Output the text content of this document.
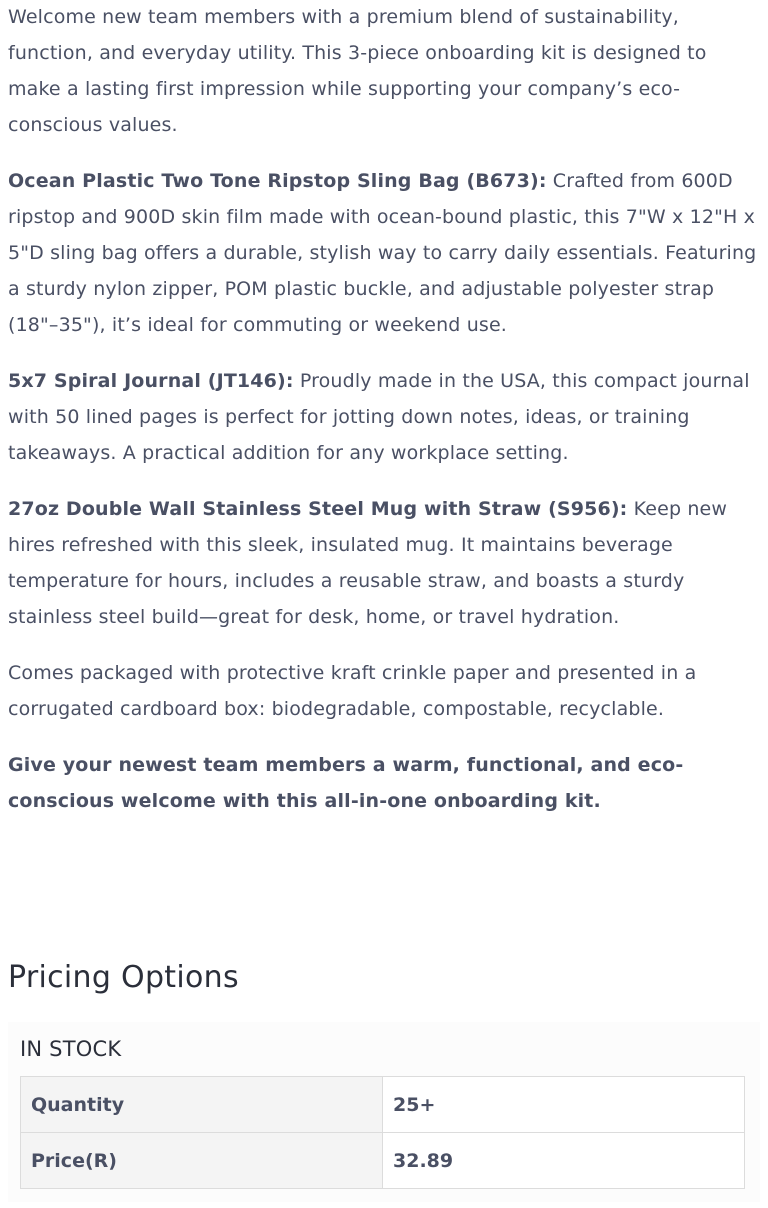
Welcome new team members with a premium blend of sustainability, function, and everyday utility. This 3-piece onboarding kit is designed to make a lasting first impression while supporting your company’s eco-conscious values.

Ocean Plastic Two Tone Ripstop Sling Bag (B673): Crafted from 600D ripstop and 900D skin film made with ocean-bound plastic, this 7"W x 12"H x 5"D sling bag offers a durable, stylish way to carry daily essentials. Featuring a sturdy nylon zipper, POM plastic buckle, and adjustable polyester strap (18"–35"), it’s ideal for commuting or weekend use.

5x7 Spiral Journal (JT146): Proudly made in the USA, this compact journal with 50 lined pages is perfect for jotting down notes, ideas, or training takeaways. A practical addition for any workplace setting.

27oz Double Wall Stainless Steel Mug with Straw (S956): Keep new hires refreshed with this sleek, insulated mug. It maintains beverage temperature for hours, includes a reusable straw, and boasts a sturdy stainless steel build—great for desk, home, or travel hydration.

Comes packaged with protective kraft crinkle paper and presented in a corrugated cardboard box: biodegradable, compostable, recyclable.

Give your newest team members a warm, functional, and eco-conscious welcome with this all-in-one onboarding kit.

Pricing Options
IN STOCK
Quantity	25+
Price(R)	32.89
